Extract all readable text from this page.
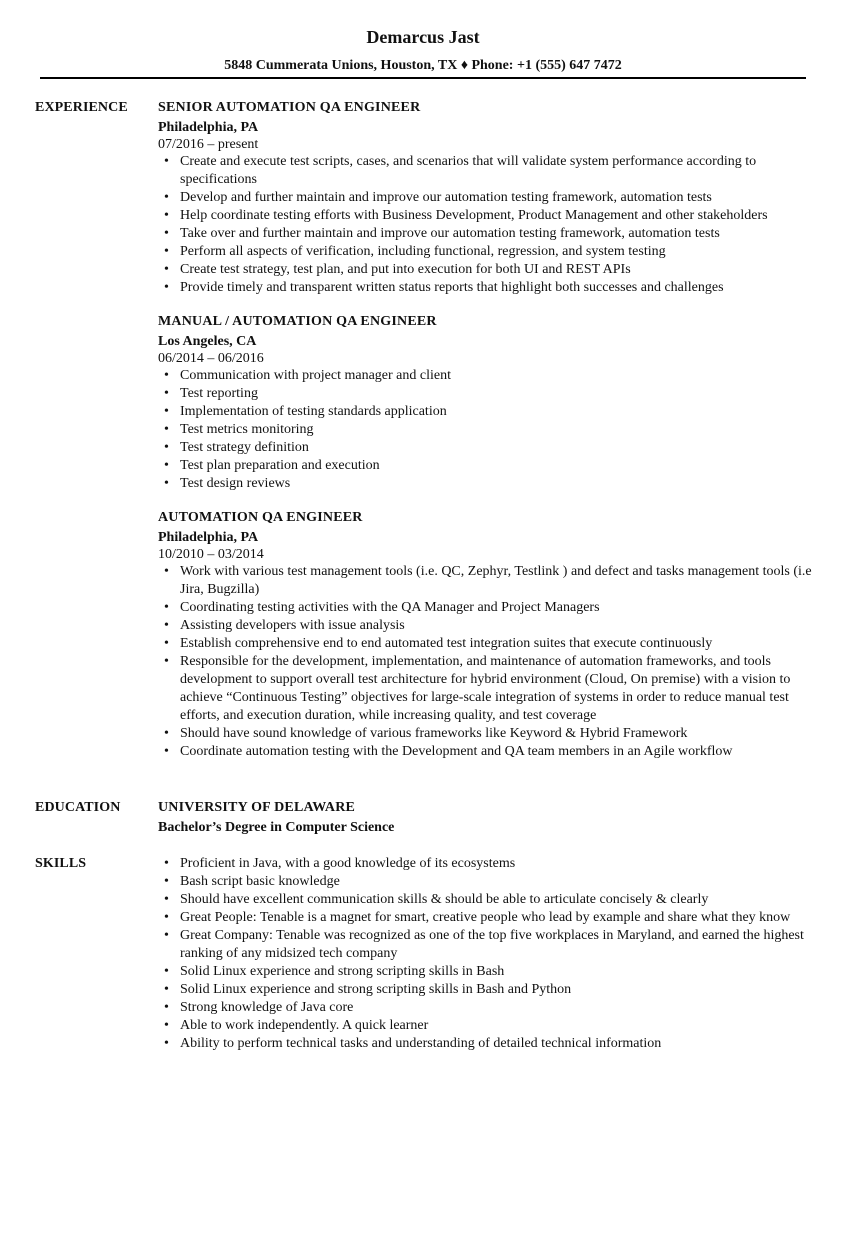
Demarcus Jast
5848 Cummerata Unions, Houston, TX ♦ Phone: +1 (555) 647 7472
EXPERIENCE	SENIOR AUTOMATION QA ENGINEER
Philadelphia, PA
07/2016 – present
• Create and execute test scripts, cases, and scenarios that will validate system performance according to specifications
• Develop and further maintain and improve our automation testing framework, automation tests
• Help coordinate testing efforts with Business Development, Product Management and other stakeholders
• Take over and further maintain and improve our automation testing framework, automation tests
• Perform all aspects of verification, including functional, regression, and system testing
• Create test strategy, test plan, and put into execution for both UI and REST APIs
• Provide timely and transparent written status reports that highlight both successes and challenges
MANUAL / AUTOMATION QA ENGINEER
Los Angeles, CA
06/2014 – 06/2016
• Communication with project manager and client
• Test reporting
• Implementation of testing standards application
• Test metrics monitoring
• Test strategy definition
• Test plan preparation and execution
• Test design reviews
AUTOMATION QA ENGINEER
Philadelphia, PA
10/2010 – 03/2014
• Work with various test management tools (i.e. QC, Zephyr, Testlink ) and defect and tasks management tools (i.e Jira, Bugzilla)
• Coordinating testing activities with the QA Manager and Project Managers
• Assisting developers with issue analysis
• Establish comprehensive end to end automated test integration suites that execute continuously
• Responsible for the development, implementation, and maintenance of automation frameworks, and tools development to support overall test architecture for hybrid environment (Cloud, On premise) with a vision to achieve “Continuous Testing” objectives for large-scale integration of systems in order to reduce manual test efforts, and execution duration, while increasing quality, and test coverage
• Should have sound knowledge of various frameworks like Keyword & Hybrid Framework
• Coordinate automation testing with the Development and QA team members in an Agile workflow
EDUCATION	UNIVERSITY OF DELAWARE
Bachelor’s Degree in Computer Science
SKILLS	• Proficient in Java, with a good knowledge of its ecosystems
• Bash script basic knowledge
• Should have excellent communication skills & should be able to articulate concisely & clearly
• Great People: Tenable is a magnet for smart, creative people who lead by example and share what they know
• Great Company: Tenable was recognized as one of the top five workplaces in Maryland, and earned the highest ranking of any midsized tech company
• Solid Linux experience and strong scripting skills in Bash
• Solid Linux experience and strong scripting skills in Bash and Python
• Strong knowledge of Java core
• Able to work independently. A quick learner
• Ability to perform technical tasks and understanding of detailed technical information
